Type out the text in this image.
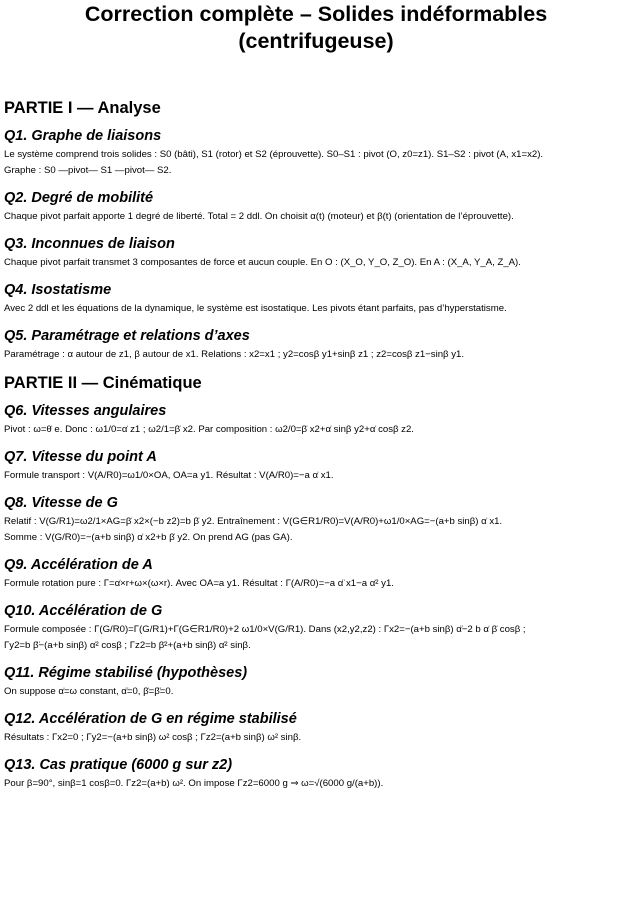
Correction complète – Solides indéformables
(centrifugeuse)
PARTIE I — Analyse
Q1. Graphe de liaisons

Le système comprend trois solides : S0 (bâti), S1 (rotor) et S2 (éprouvette). S0–S1 : pivot (O, z0=z1). S1–S2 : pivot (A, x1=x2).

Graphe : S0 —pivot— S1 —pivot— S2.

Q2. Degré de mobilité

Chaque pivot parfait apporte 1 degré de liberté. Total = 2 ddl. On choisit α(t) (moteur) et β(t) (orientation de l’éprouvette).

Q3. Inconnues de liaison

Chaque pivot parfait transmet 3 composantes de force et aucun couple. En O : (X_O, Y_O, Z_O). En A : (X_A, Y_A, Z_A).

Q4. Isostatisme

Avec 2 ddl et les équations de la dynamique, le système est isostatique. Les pivots étant parfaits, pas d’hyperstatisme.

Q5. Paramétrage et relations d’axes

Paramétrage : α autour de z1, β autour de x1. Relations : x2=x1 ; y2=cosβ y1+sinβ z1 ; z2=cosβ z1−sinβ y1.

PARTIE II — Cinématique
Q6. Vitesses angulaires

Pivot : ω=θ̇ e. Donc : ω1/0=α̇ z1 ; ω2/1=β̇ x2. Par composition : ω2/0=β̇ x2+α̇ sinβ y2+α̇ cosβ z2.

Q7. Vitesse du point A

Formule transport : V(A/R0)=ω1/0×OA, OA=a y1. Résultat : V(A/R0)=−a α̇ x1.

Q8. Vitesse de G

Relatif : V(G/R1)=ω2/1×AG=β̇ x2×(−b z2)=b β̇ y2. Entraînement : V(G∈R1/R0)=V(A/R0)+ω1/0×AG=−(a+b sinβ) α̇ x1.

Somme : V(G/R0)=−(a+b sinβ) α̇ x2+b β̇ y2. On prend AG (pas GA).

Q9. Accélération de A

Formule rotation pure : Γ=α̇×r+ω×(ω×r). Avec OA=a y1. Résultat : Γ(A/R0)=−a α̈ x1−a α̇² y1.

Q10. Accélération de G

Formule composée : Γ(G/R0)=Γ(G/R1)+Γ(G∈R1/R0)+2 ω1/0×V(G/R1). Dans (x2,y2,z2) : Γx2=−(a+b sinβ) α̈−2 b α̇ β̇ cosβ ;

Γy2=b β̈−(a+b sinβ) α̇² cosβ ; Γz2=b β̇²+(a+b sinβ) α̇² sinβ.

Q11. Régime stabilisé (hypothèses)

On suppose α̇=ω constant, α̈=0, β̇=β̈=0.

Q12. Accélération de G en régime stabilisé

Résultats : Γx2=0 ; Γy2=−(a+b sinβ) ω² cosβ ; Γz2=(a+b sinβ) ω² sinβ.

Q13. Cas pratique (6000 g sur z2)

Pour β=90°, sinβ=1 cosβ=0. Γz2=(a+b) ω². On impose Γz2=6000 g ⇒ ω=√(6000 g/(a+b)).
